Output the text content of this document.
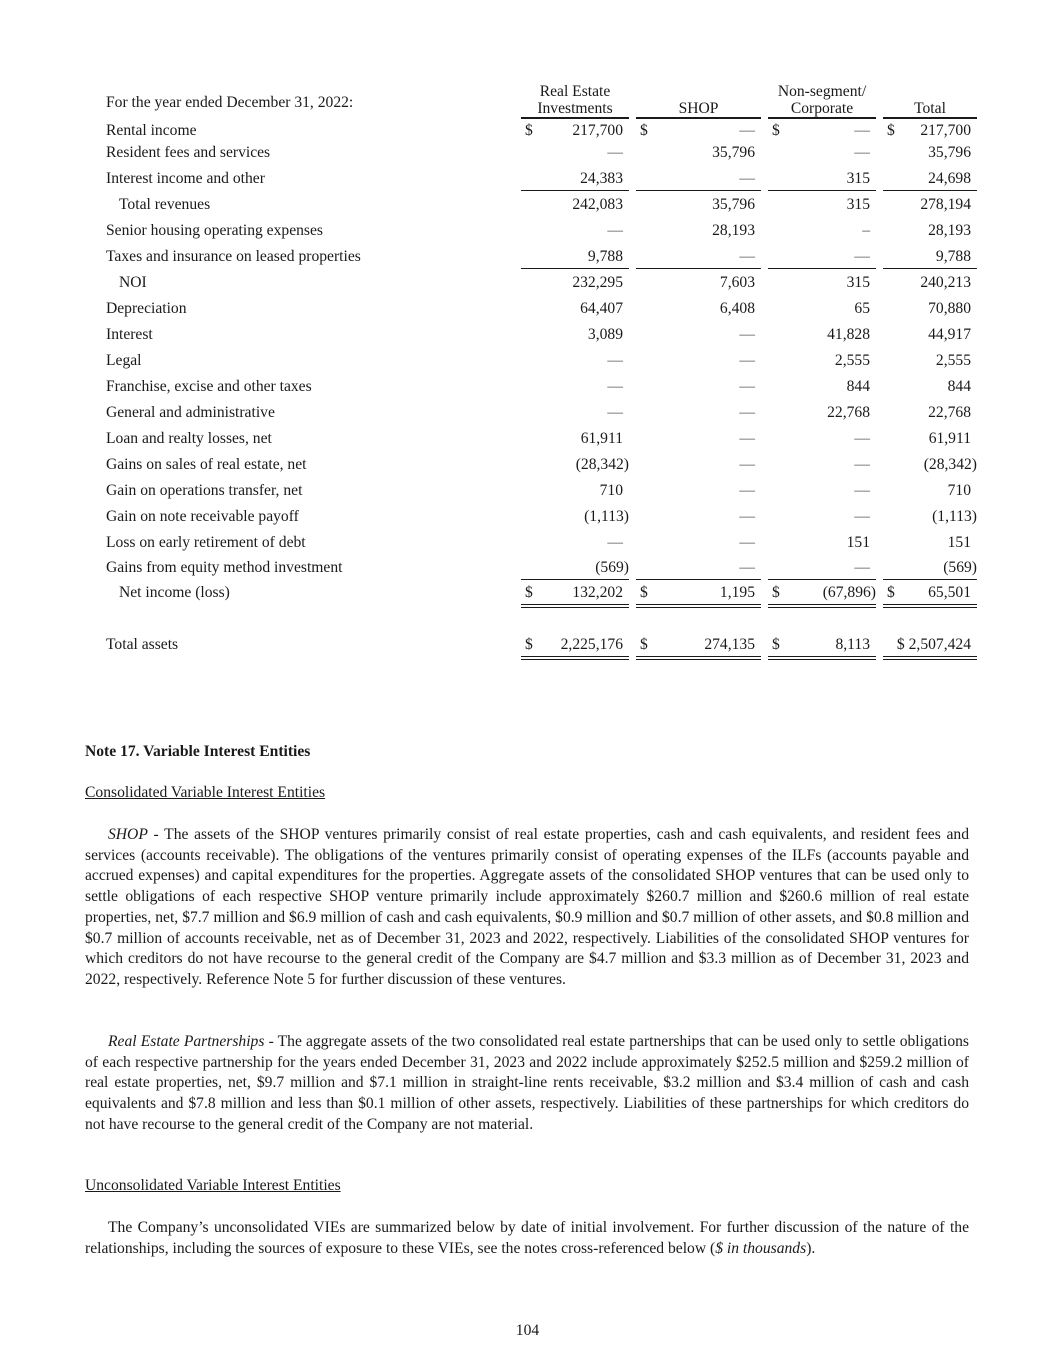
For the year ended December 31, 2022:
Real Estate
Investments	SHOP
Non-segment/
Corporate	Total
Rental income	$	217,700 $	— $	— $ 217,700
Resident fees and services	—	35,796	—	35,796
Interest income and other	24,383	—	315	24,698
Total revenues	242,083	35,796	315	278,194
Senior housing operating expenses	—	28,193	–	28,193
Taxes and insurance on leased properties	9,788	—	—	9,788
NOI	232,295	7,603	315	240,213
Depreciation	64,407	6,408	65	70,880
Interest	3,089	—	41,828	44,917
Legal	—	—	2,555	2,555
Franchise, excise and other taxes	—	—	844	844
General and administrative	—	—	22,768	22,768
Loan and realty losses, net	61,911	—	—	61,911
Gains on sales of real estate, net	(28,342)	—	—	(28,342)
Gain on operations transfer, net	710	—	—	710
Gain on note receivable payoff	(1,113)	—	—	(1,113)
Loss on early retirement of debt	—	—	151	151
Gains from equity method investment	(569)	—	—	(569)
Net income (loss)	$	132,202 $	1,195 $	(67,896) $ 65,501
Total assets	$ 2,225,176 $	274,135 $	8,113 $ 2,507,424
Note 17. Variable Interest Entities
Consolidated Variable Interest Entities
SHOP - The assets of the SHOP ventures primarily consist of real estate properties, cash and cash equivalents, and resident fees and services (accounts receivable). The obligations of the ventures primarily consist of operating expenses of the ILFs (accounts payable and accrued expenses) and capital expenditures for the properties. Aggregate assets of the consolidated SHOP ventures that can be used only to settle obligations of each respective SHOP venture primarily include approximately $260.7 million and $260.6 million of real estate properties, net, $7.7 million and $6.9 million of cash and cash equivalents, $0.9 million and $0.7 million of other assets, and $0.8 million and $0.7 million of accounts receivable, net as of December 31, 2023 and 2022, respectively. Liabilities of the consolidated SHOP ventures for which creditors do not have recourse to the general credit of the Company are $4.7 million and $3.3 million as of December 31, 2023 and 2022, respectively. Reference Note 5 for further discussion of these ventures.
Real Estate Partnerships - The aggregate assets of the two consolidated real estate partnerships that can be used only to settle obligations of each respective partnership for the years ended December 31, 2023 and 2022 include approximately $252.5 million and $259.2 million of real estate properties, net, $9.7 million and $7.1 million in straight-line rents receivable, $3.2 million and $3.4 million of cash and cash equivalents and $7.8 million and less than $0.1 million of other assets, respectively. Liabilities of these partnerships for which creditors do not have recourse to the general credit of the Company are not material.
Unconsolidated Variable Interest Entities
The Company’s unconsolidated VIEs are summarized below by date of initial involvement. For further discussion of the nature of the relationships, including the sources of exposure to these VIEs, see the notes cross-referenced below ($ in thousands).
104
